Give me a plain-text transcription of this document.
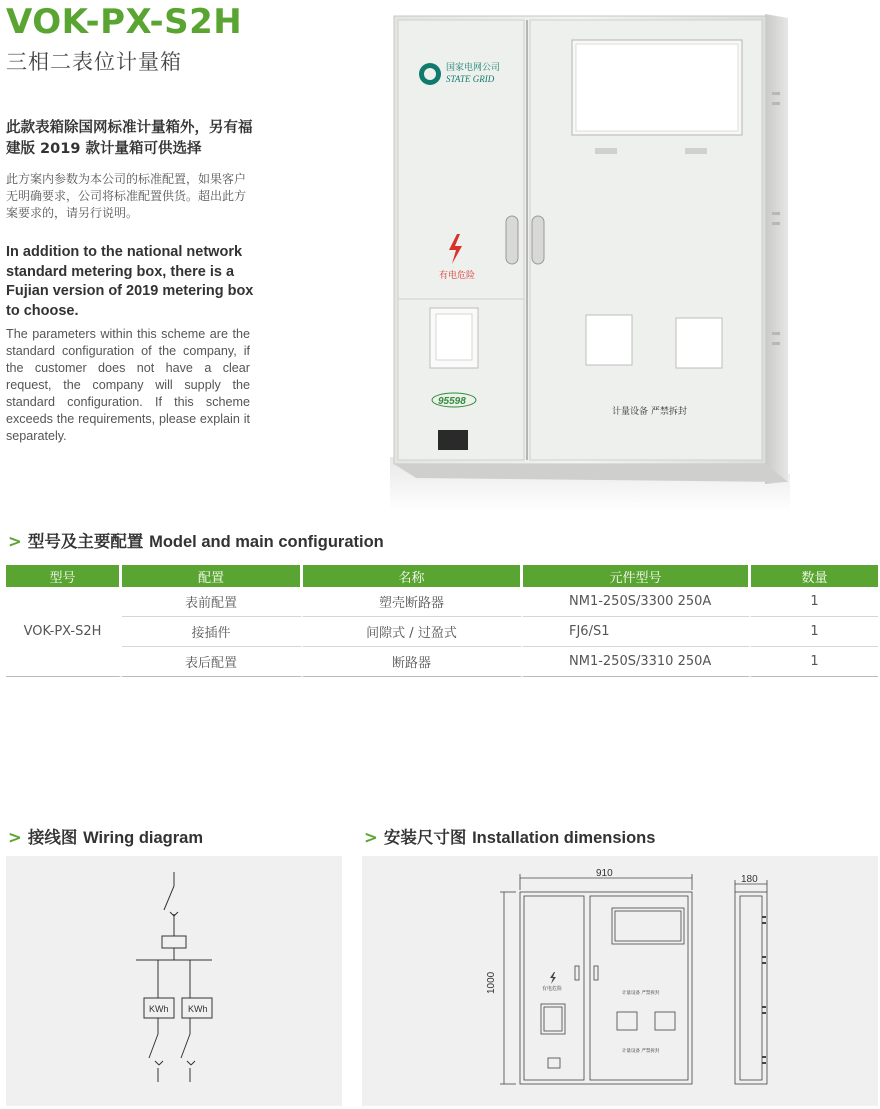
VOK-PX-S2H
三相二表位计量箱
此款表箱除国网标准计量箱外，另有福建版 2019 款计量箱可供选择
此方案内参数为本公司的标准配置，如果客户无明确要求，公司将标准配置供货。超出此方案要求的，请另行说明。
In addition to the national network standard metering box, there is a Fujian version of 2019 metering box to choose.
The parameters within this scheme are the standard configuration of the company, if the customer does not have a clear request, the company will supply the standard configuration. If this scheme exceeds the requirements, please explain it separately.
国家电网公司
STATE GRID
有电危险
95598
计量设备 严禁拆封
> 型号及主要配置 Model and main configuration
型号	配置	名称	元件型号	数量
VOK-PX-S2H	表前配置	塑壳断路器	NM1-250S/3300 250A	1
	接插件	间隙式 / 过盈式	FJ6/S1	1
	表后配置	断路器	NM1-250S/3310 250A	1
> 接线图 Wiring diagram
KWh KWh
> 安装尺寸图 Installation dimensions
910
1000
180
有电危险
计量设备 严禁拆封
计量设备 严禁拆封
